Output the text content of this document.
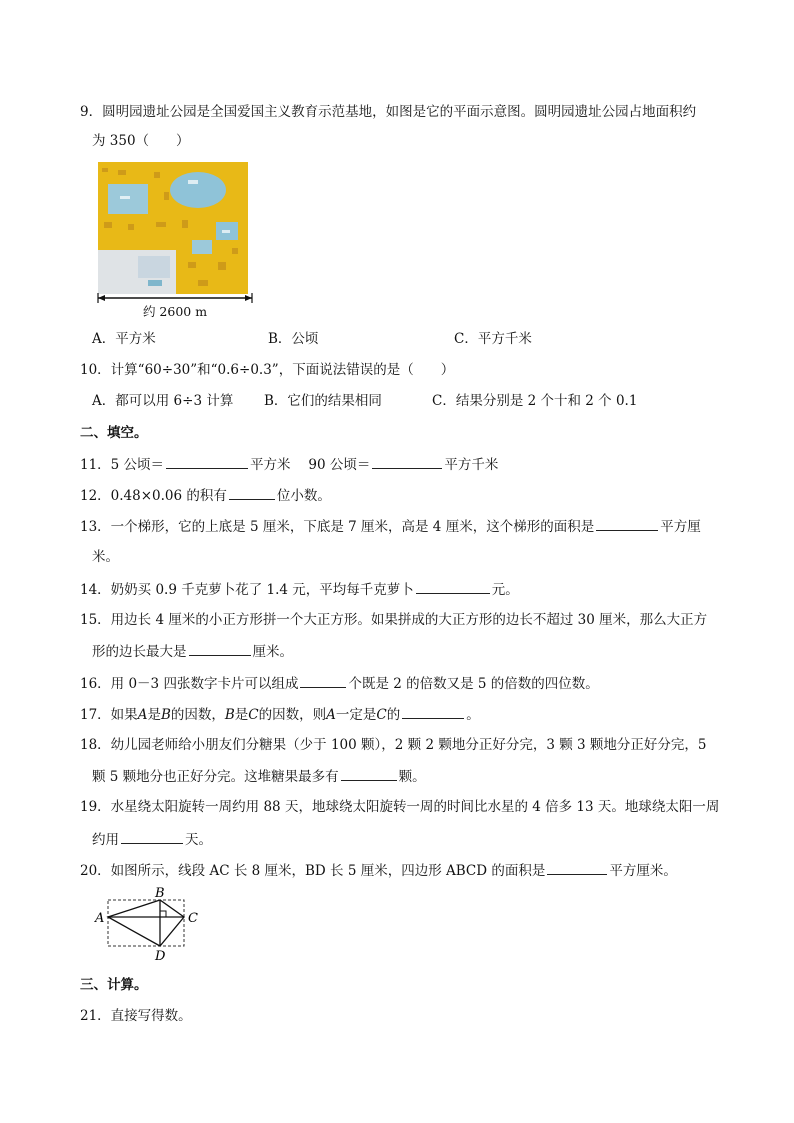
9．圆明园遗址公园是全国爱国主义教育示范基地，如图是它的平面示意图。圆明园遗址公园占地面积约
为 350（　　）
约 2600 m
A．平方米	B．公顷	C．平方千米
10．计算“60÷30”和“0.6÷0.3”，下面说法错误的是（　　）
A．都可以用 6÷3 计算 B．它们的结果相同	C．结果分别是 2 个十和 2 个 0.1
二、填空。
11．5 公顷＝	平方米　 90 公顷＝	平方千米
12．0.48×0.06 的积有	位小数。
13．一个梯形，它的上底是 5 厘米，下底是 7 厘米，高是 4 厘米，这个梯形的面积是	平方厘
米。
14．奶奶买 0.9 千克萝卜花了 1.4 元，平均每千克萝卜	元。
15．用边长 4 厘米的小正方形拼一个大正方形。如果拼成的大正方形的边长不超过 30 厘米，那么大正方
形的边长最大是	厘米。
16．用 0－3 四张数字卡片可以组成	个既是 2 的倍数又是 5 的倍数的四位数。
17．如果A是B的因数，B是C的因数，则A一定是C的	。
18．幼儿园老师给小朋友们分糖果（少于 100 颗），2 颗 2 颗地分正好分完，3 颗 3 颗地分正好分完，5
颗 5 颗地分也正好分完。这堆糖果最多有	颗。
19．水星绕太阳旋转一周约用 88 天，地球绕太阳旋转一周的时间比水星的 4 倍多 13 天。地球绕太阳一周
约用	天。
20．如图所示，线段 AC 长 8 厘米，BD 长 5 厘米，四边形 ABCD 的面积是	平方厘米。
A
B
C
D
三、计算。
21．直接写得数。
